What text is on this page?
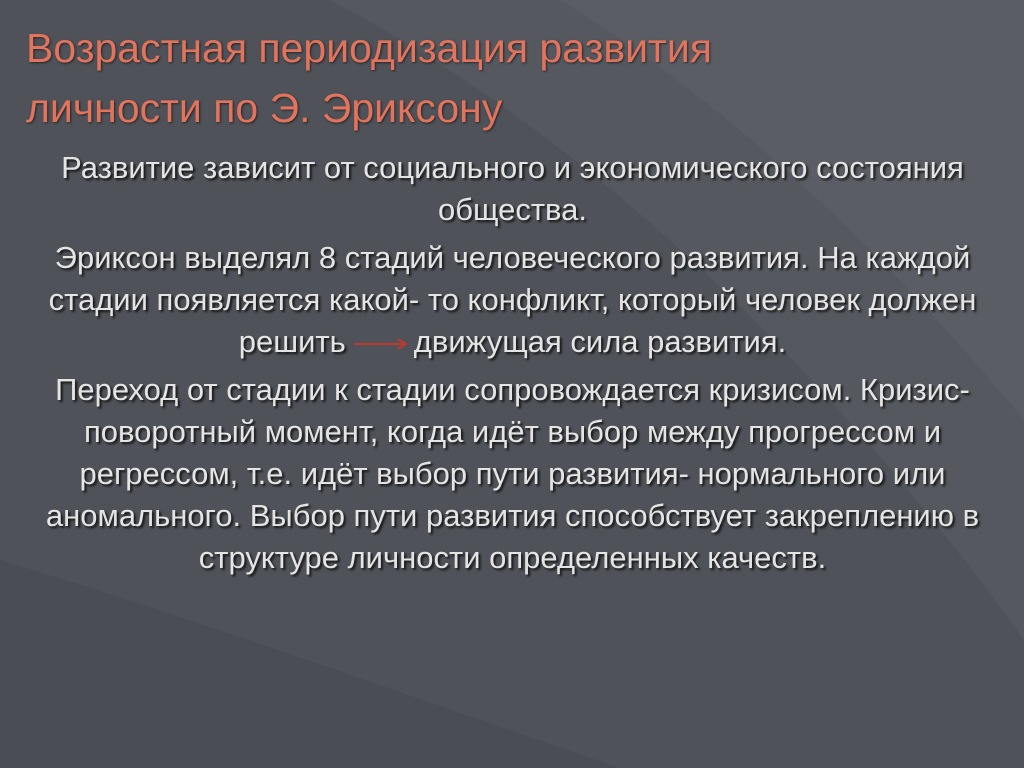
Возрастная периодизация развития
личности по Э. Эриксону

Развитие зависит от социального и экономического состояния общества.

Эриксон выделял 8 стадий человеческого развития. На каждой стадии появляется какой- то конфликт, который человек должен решить движущая сила развития.

Переход от стадии к стадии сопровождается кризисом. Кризис- поворотный момент, когда идёт выбор между прогрессом и регрессом, т.е. идёт выбор пути развития- нормального или аномального. Выбор пути развития способствует закреплению в структуре личности определенных качеств.
